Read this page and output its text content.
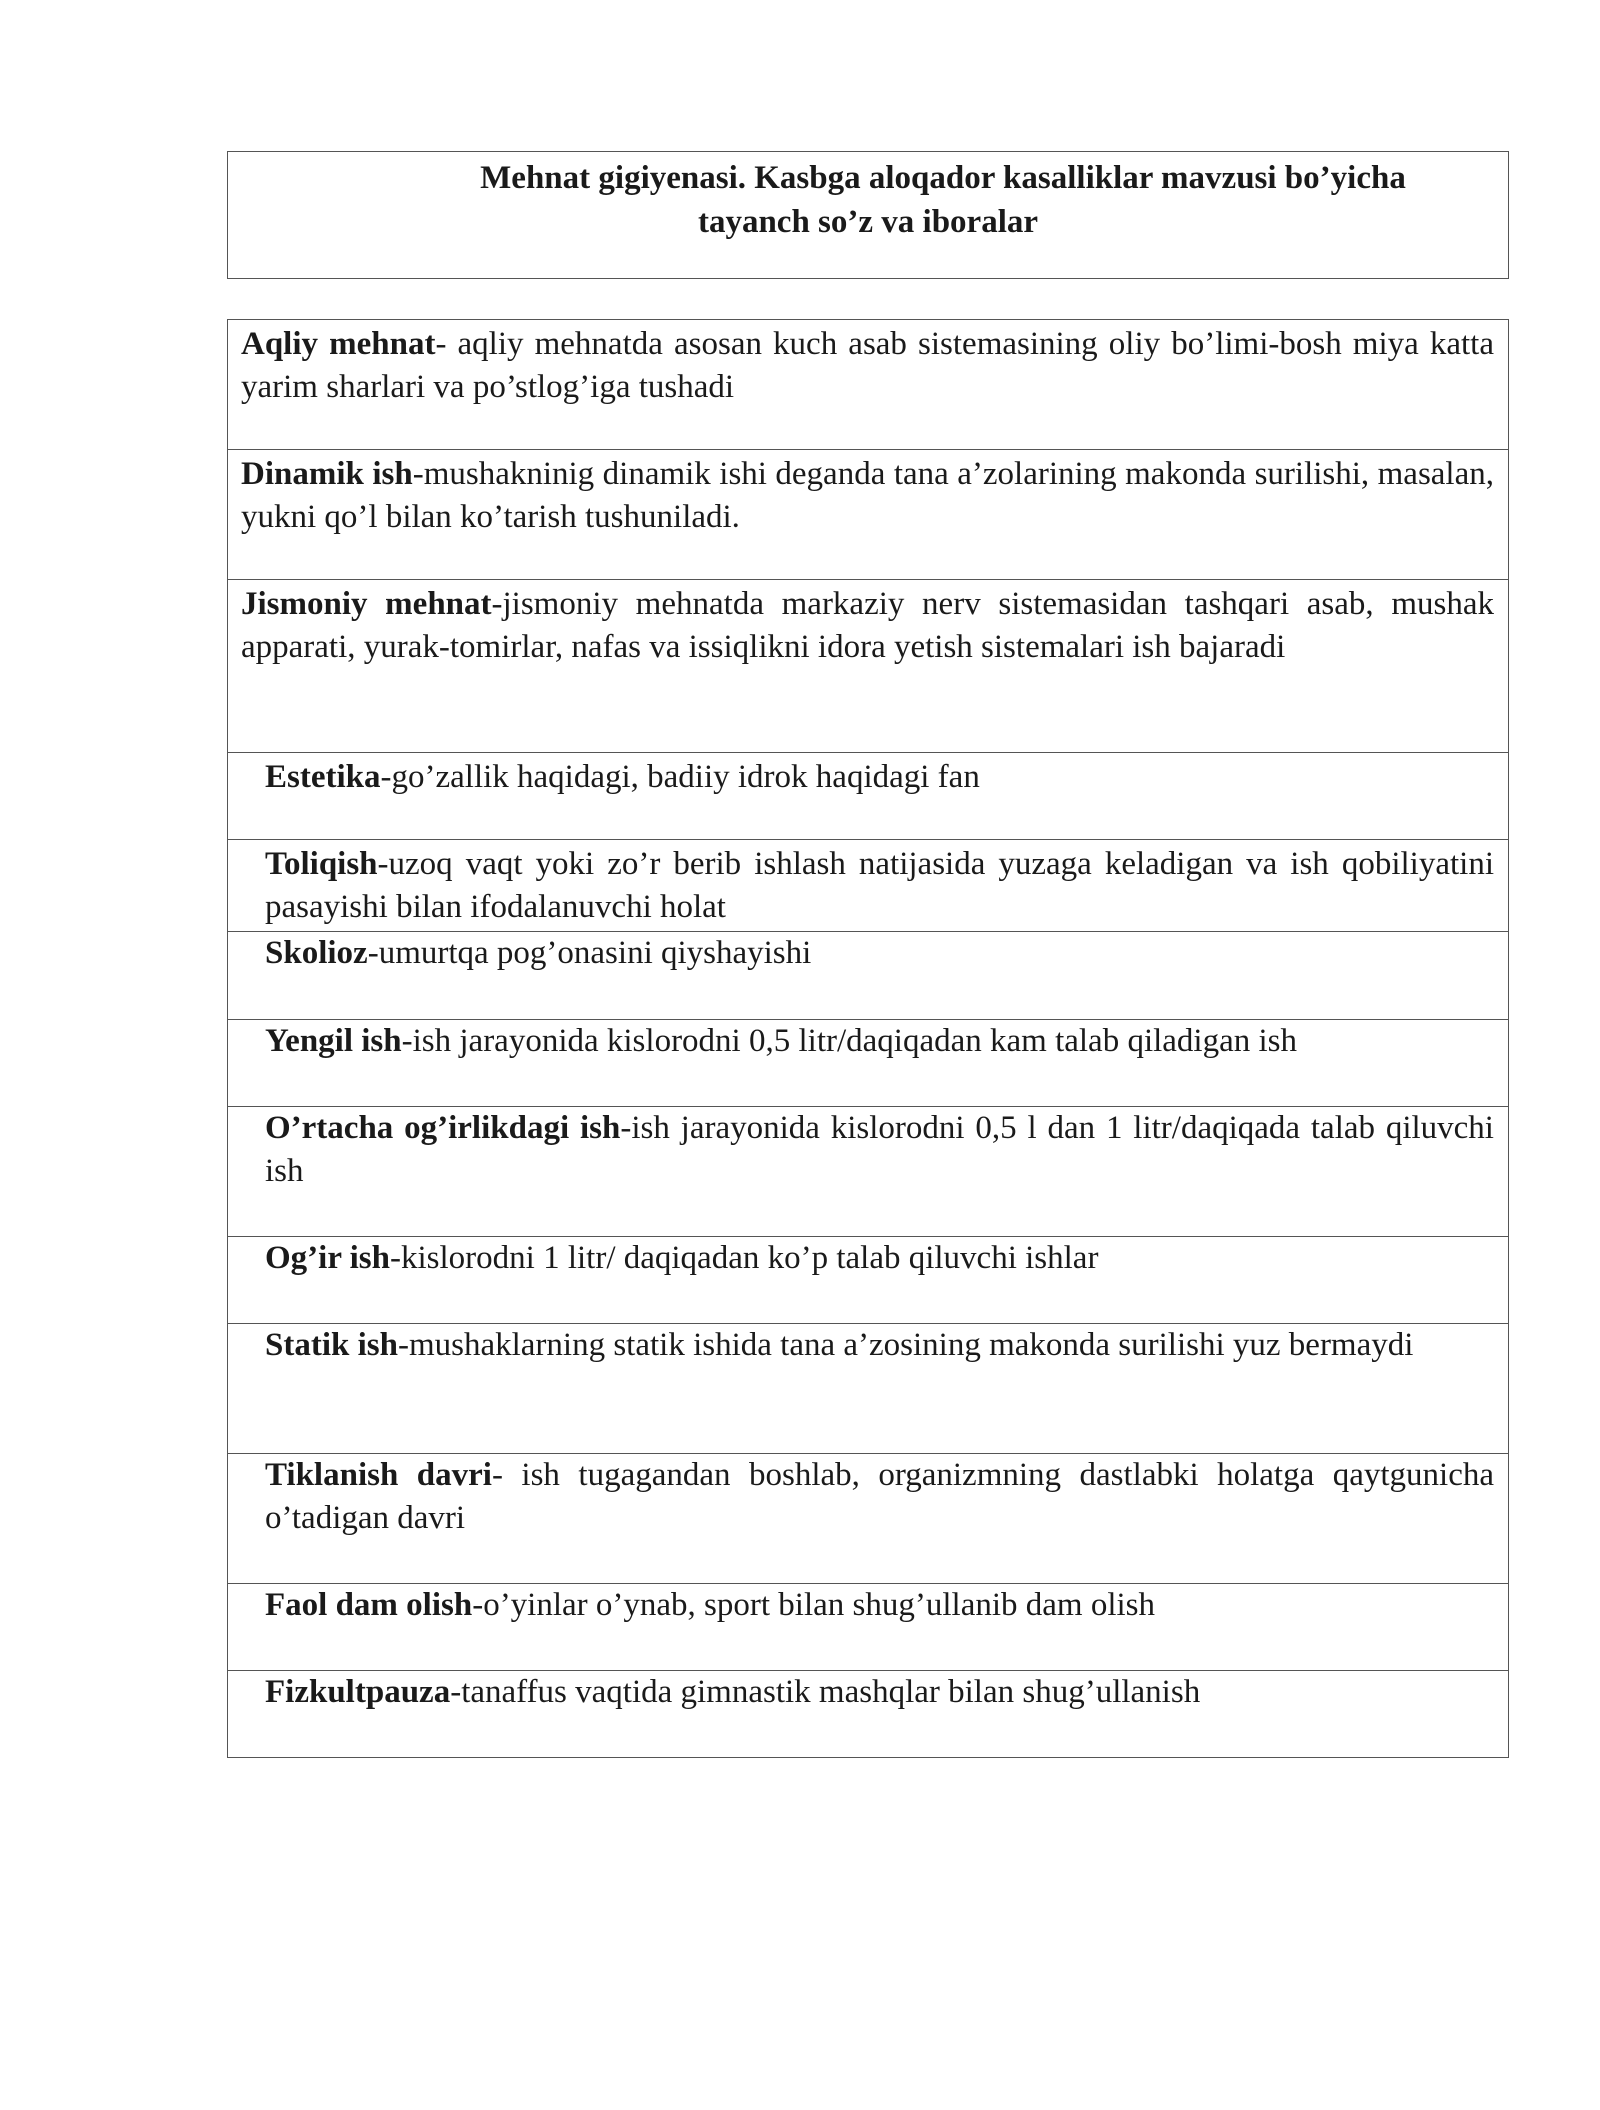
Mehnat gigiyenasi. Kasbga aloqador kasalliklar mavzusi bo’yicha
tayanch so’z va iboralar
Aqliy mehnat- aqliy mehnatda asosan kuch asab sistemasining oliy bo’limi-bosh miya katta yarim sharlari va po’stlog’iga tushadi
Dinamik ish-mushakninig dinamik ishi deganda tana a’zolarining makonda surilishi, masalan, yukni qo’l bilan ko’tarish tushuniladi.
Jismoniy mehnat-jismoniy mehnatda markaziy nerv sistemasidan tashqari asab, mushak apparati, yurak-tomirlar, nafas va issiqlikni idora yetish sistemalari ish bajaradi
Estetika-go’zallik haqidagi, badiiy idrok haqidagi fan
Toliqish-uzoq vaqt yoki zo’r berib ishlash natijasida yuzaga keladigan va ish qobiliyatini pasayishi bilan ifodalanuvchi holat
Skolioz-umurtqa pog’onasini qiyshayishi
Yengil ish-ish jarayonida kislorodni 0,5 litr/daqiqadan kam talab qiladigan ish
O’rtacha og’irlikdagi ish-ish jarayonida kislorodni 0,5 l dan 1 litr/daqiqada talab qiluvchi ish
Og’ir ish-kislorodni 1 litr/ daqiqadan ko’p talab qiluvchi ishlar
Statik ish-mushaklarning statik ishida tana a’zosining makonda surilishi yuz bermaydi
Tiklanish davri- ish tugagandan boshlab, organizmning dastlabki holatga qaytgunicha o’tadigan davri
Faol dam olish-o’yinlar o’ynab, sport bilan shug’ullanib dam olish
Fizkultpauza-tanaffus vaqtida gimnastik mashqlar bilan shug’ullanish
